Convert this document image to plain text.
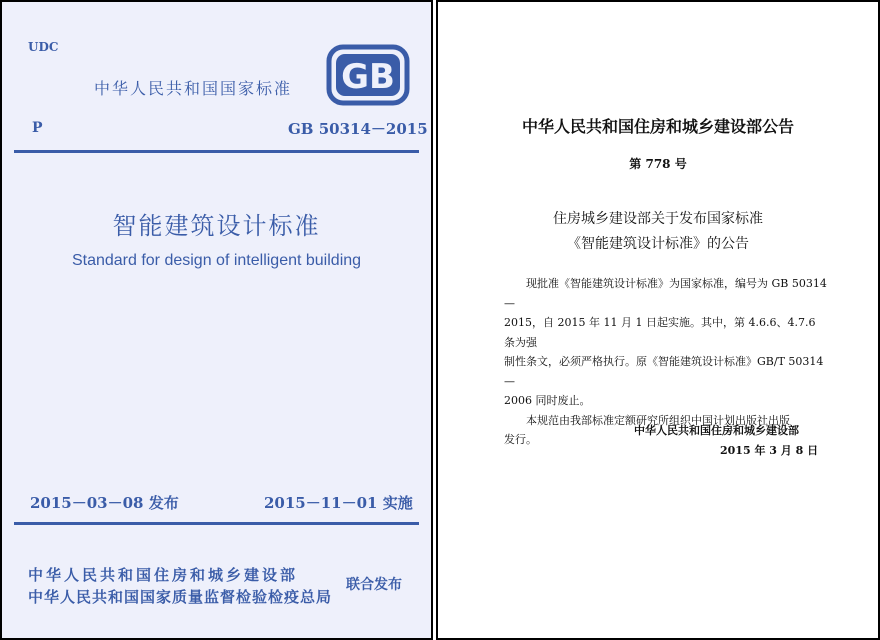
UDC
中华人民共和国国家标准 GB
P	GB 50314－2015
智能建筑设计标准
Standard for design of intelligent building
2015－03－08 发布	2015－11－01 实施
中华人民共和国住房和城乡建设部
中华人民共和国国家质量监督检验检疫总局
联合发布
中华人民共和国住房和城乡建设部公告
第 778 号
住房城乡建设部关于发布国家标准
《智能建筑设计标准》的公告

现批准《智能建筑设计标准》为国家标准，编号为 GB 50314—

2015，自 2015 年 11 月 1 日起实施。其中，第 4.6.6、4.7.6 条为强

制性条文，必须严格执行。原《智能建筑设计标准》GB/T 50314—

2006 同时废止。

本规范由我部标准定额研究所组织中国计划出版社出版

发行。

中华人民共和国住房和城乡建设部
2015 年 3 月 8 日
